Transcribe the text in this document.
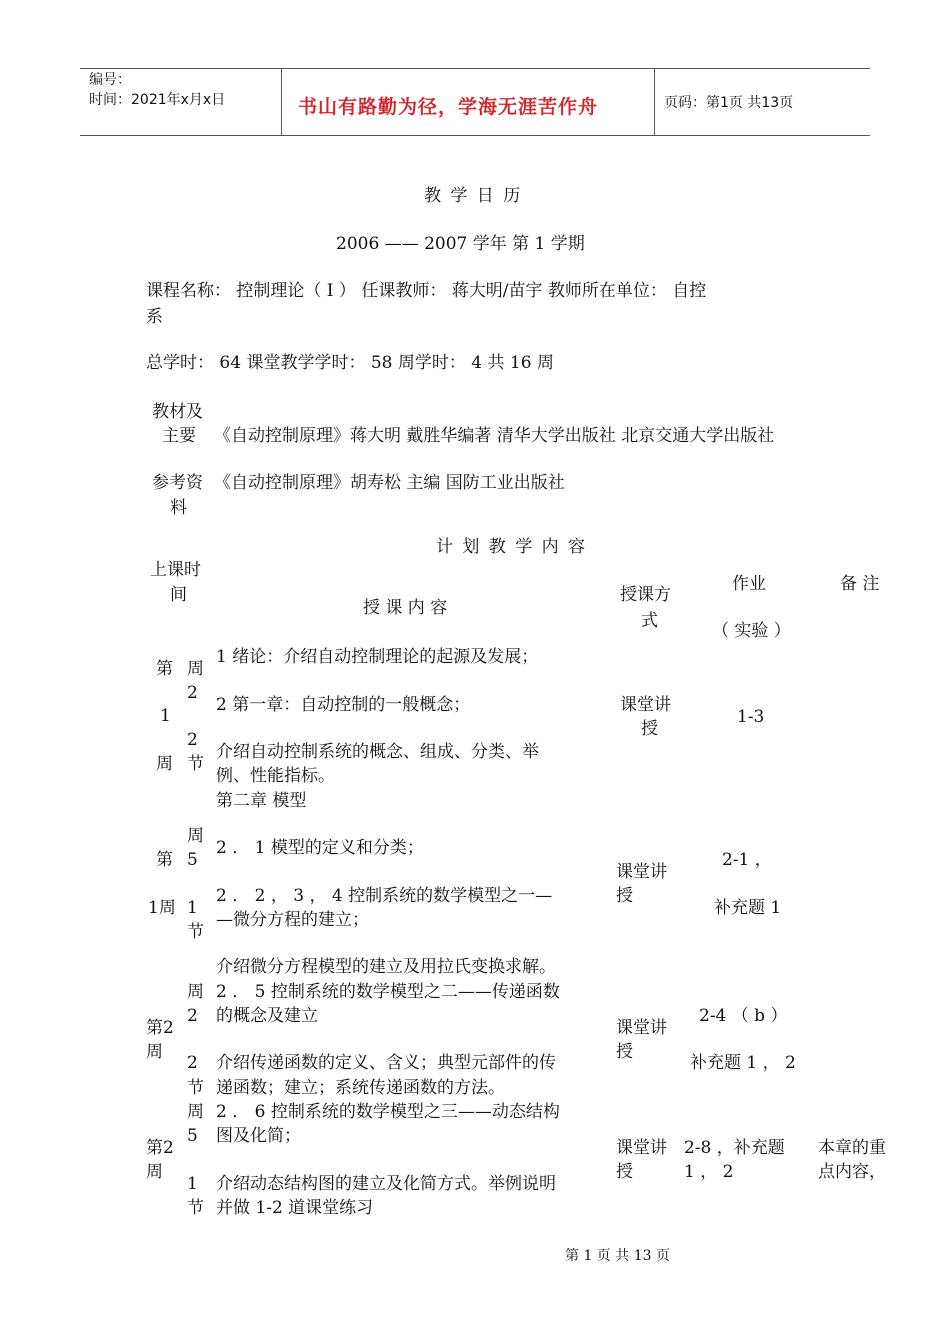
编号：
时间：2021年x月x日	书山有路勤为径，学海无涯苦作舟	页码：第1页 共13页
教 学 日 历
2006 —— 2007 学年 第 1 学期
课程名称： 控制理论（ Ⅰ ） 任课教师： 蒋大明/苗宇 教师所在单位： 自控
系
总学时： 64 课堂教学学时： 58 周学时： 4 共 16 周
教材及
主要 《自动控制原理》蒋大明 戴胜华编著 清华大学出版社 北京交通大学出版社
参考资
料
《自动控制原理》胡寿松 主编 国防工业出版社
计 划 教 学 内 容
上课时
间
授 课 内 容
授课方
式
作业
（ 实验 ）
备 注
第
1
周
周
2
2
节
1 绪论：介绍自动控制理论的起源及发展；
2 第一章：自动控制的一般概念；
介绍自动控制系统的概念、组成、分类、举
例、性能指标。
第二章 模型
课堂讲
授
1-3
周
第 5
1周 1
节
2 ． 1 模型的定义和分类；
2 ． 2 ， 3 ， 4 控制系统的数学模型之一—
—微分方程的建立；
介绍微分方程模型的建立及用拉氏变换求解。
课堂讲
授
2-1 ，
补充题 1
周
2
第2
周
2
节
2 ． 5 控制系统的数学模型之二——传递函数
的概念及建立
介绍传递函数的定义、含义；典型元部件的传
递函数；建立；系统传递函数的方法。
课堂讲
授
2-4 （ b ）
补充题 1 ， 2
周
5
第2
周
1
节
2 ． 6 控制系统的数学模型之三——动态结构
图及化简；
介绍动态结构图的建立及化简方式。举例说明
并做 1-2 道课堂练习
课堂讲
授
2-8 ，补充题
1 ， 2
本章的重
点内容，
第 1 页 共 13 页
